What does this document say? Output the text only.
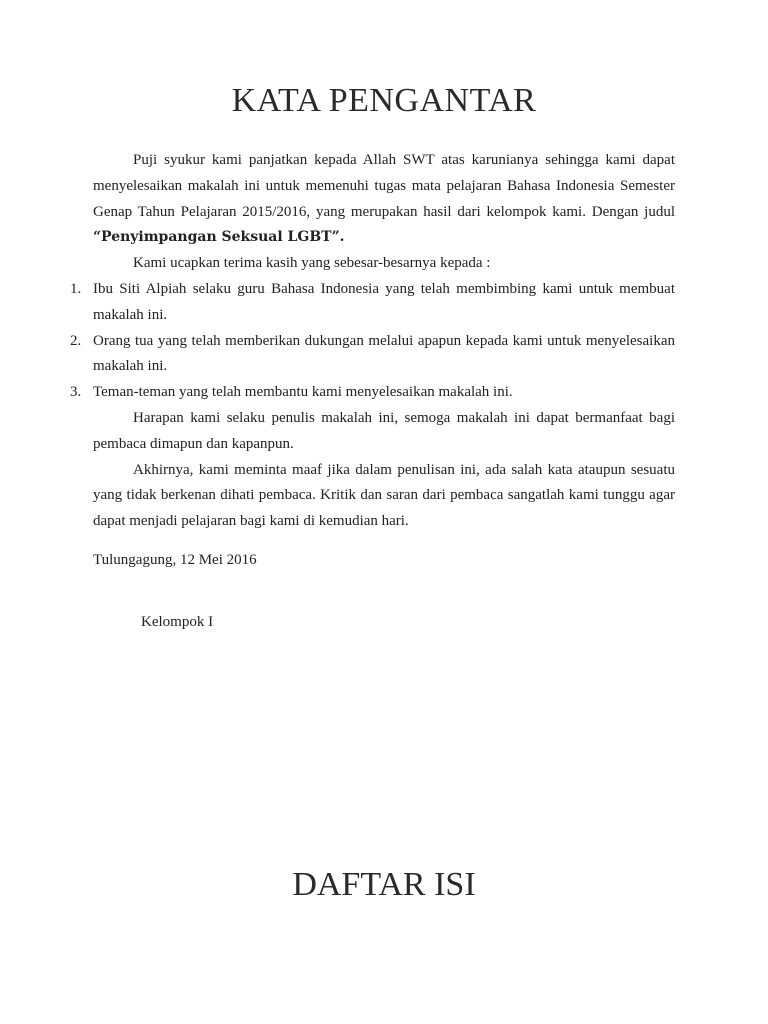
KATA PENGANTAR

Puji syukur kami panjatkan kepada Allah SWT atas karunianya sehingga kami dapat menyelesaikan makalah ini untuk memenuhi tugas mata pelajaran Bahasa Indonesia Semester Genap Tahun Pelajaran 2015/2016, yang merupakan hasil dari kelompok kami. Dengan judul “Penyimpangan Seksual LGBT”.

Kami ucapkan terima kasih yang sebesar-besarnya kepada :

1. Ibu Siti Alpiah selaku guru Bahasa Indonesia yang telah membimbing kami untuk membuat makalah ini.
2. Orang tua yang telah memberikan dukungan melalui apapun kepada kami untuk menyelesaikan makalah ini.
3. Teman-teman yang telah membantu kami menyelesaikan makalah ini.

Harapan kami selaku penulis makalah ini, semoga makalah ini dapat bermanfaat bagi pembaca dimapun dan kapanpun.

Akhirnya, kami meminta maaf jika dalam penulisan ini, ada salah kata ataupun sesuatu yang tidak berkenan dihati pembaca. Kritik dan saran dari pembaca sangatlah kami tunggu agar dapat menjadi pelajaran bagi kami di kemudian hari.

Tulungagung, 12 Mei 2016
Kelompok I
DAFTAR ISI
